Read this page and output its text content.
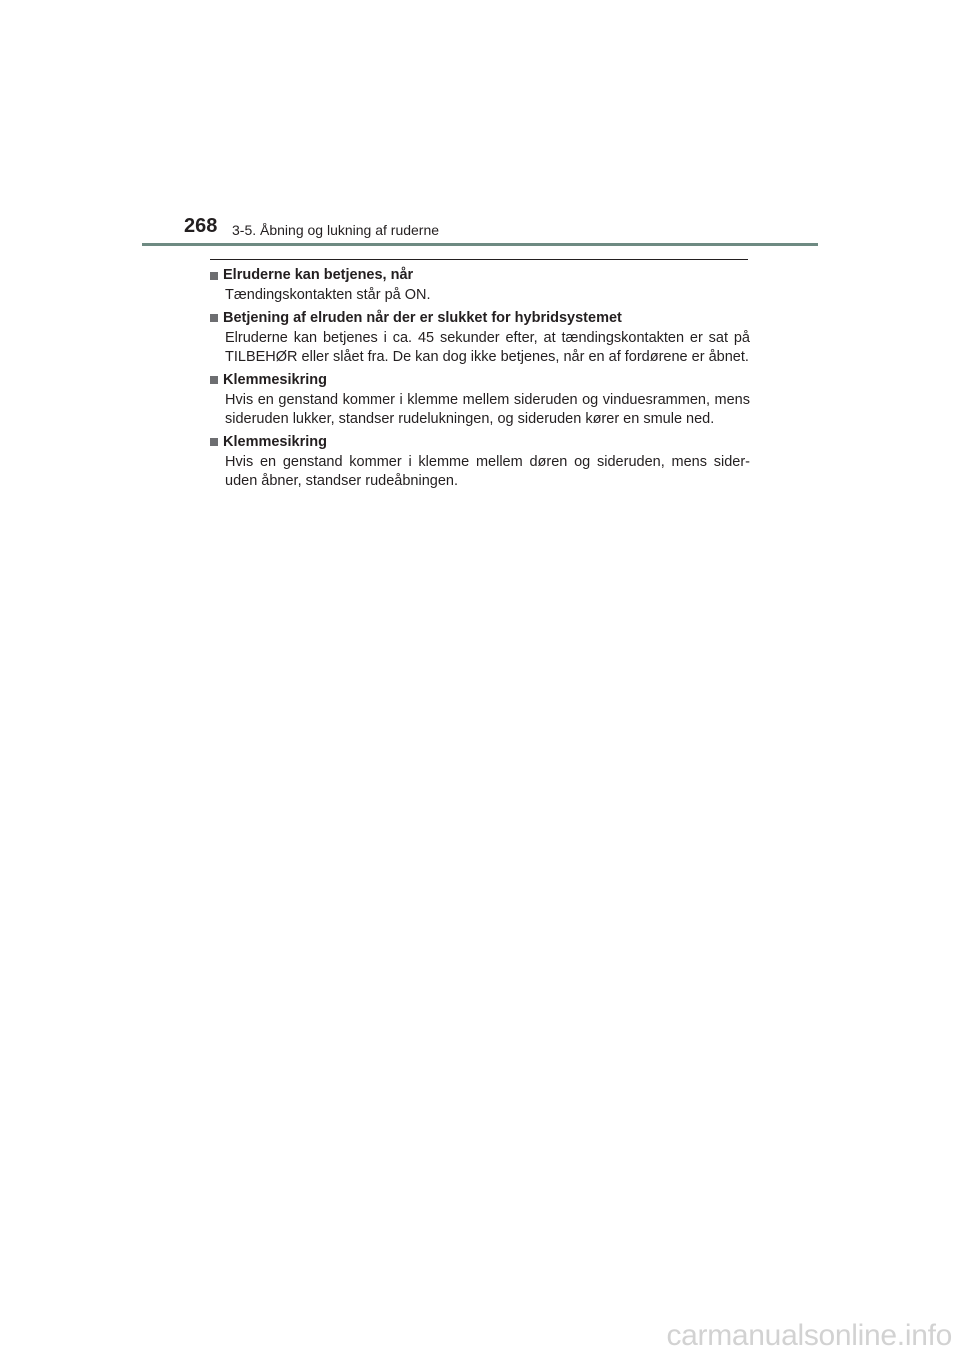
268 3-5. Åbning og lukning af ruderne
Elruderne kan betjenes, når
Tændingskontakten står på ON.
Betjening af elruden når der er slukket for hybridsystemet
Elruderne kan betjenes i ca. 45 sekunder efter, at tændingskontakten er sat på TILBEHØR eller slået fra. De kan dog ikke betjenes, når en af fordørene er åbnet.
Klemmesikring
Hvis en genstand kommer i klemme mellem sideruden og vinduesrammen, mens sideruden lukker, standser rudelukningen, og sideruden kører en smule ned.
Klemmesikring
Hvis en genstand kommer i klemme mellem døren og sideruden, mens sider-uden åbner, standser rudeåbningen.
carmanualsonline.info
